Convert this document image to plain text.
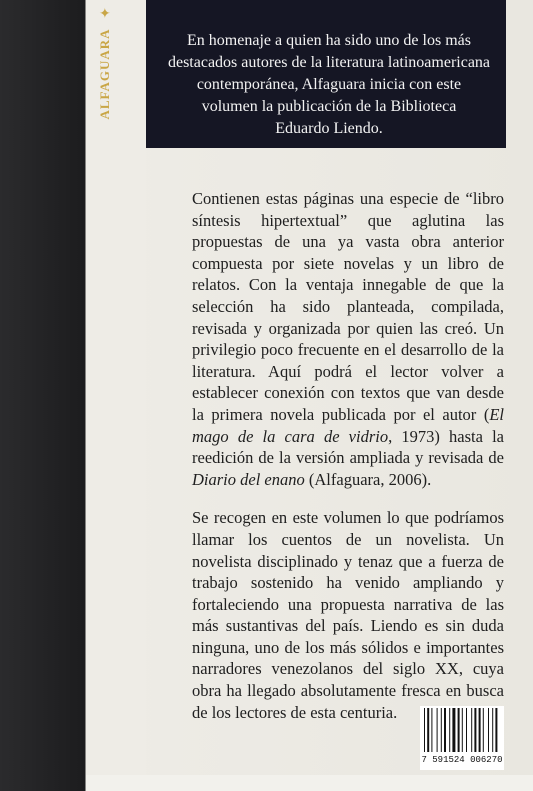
✦
ALFAGUARA	En homenaje a quien ha sido uno de los más

destacados autores de la literatura latinoamericana

contemporánea, Alfaguara inicia con este

volumen la publicación de la Biblioteca

Eduardo Liendo.

Contienen estas páginas una especie de “libro síntesis hipertextual” que aglutina las propuestas de una ya vasta obra anterior compuesta por siete novelas y un libro de relatos. Con la ventaja innegable de que la selección ha sido planteada, compilada, revisada y organizada por quien las creó. Un privilegio poco frecuente en el desarrollo de la literatura. Aquí podrá el lector volver a establecer conexión con textos que van desde la primera novela publicada por el autor (El mago de la cara de vidrio, 1973) hasta la reedición de la versión ampliada y revisada de Diario del enano (Alfaguara, 2006).

Se recogen en este volumen lo que podríamos llamar los cuentos de un novelista. Un novelista disciplinado y tenaz que a fuerza de trabajo sostenido ha venido ampliando y fortaleciendo una propuesta narrativa de las más sustantivas del país. Liendo es sin duda ninguna, uno de los más sólidos e importantes narradores venezolanos del siglo XX, cuya obra ha llegado absolutamente fresca en busca de los lectores de esta centuria.

7 591524 006270
